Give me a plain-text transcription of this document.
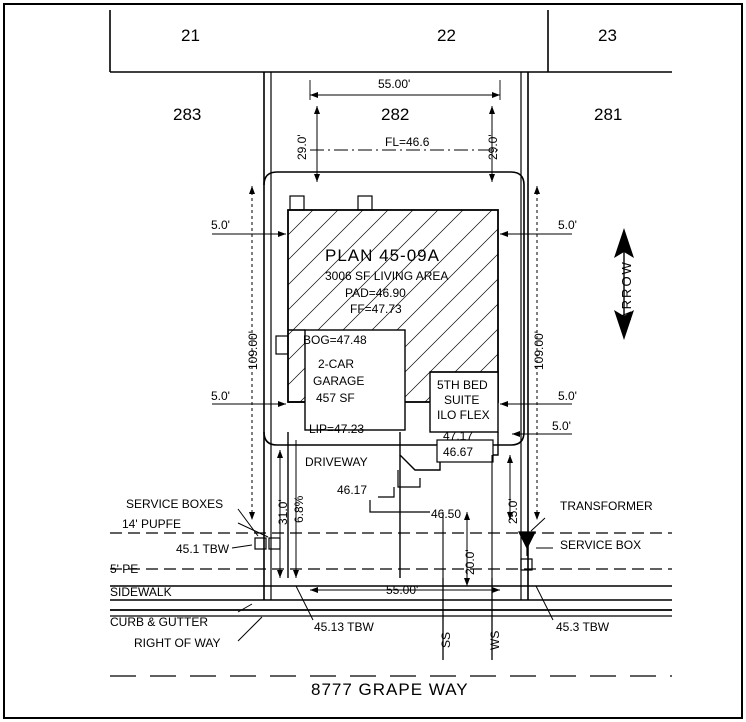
21	22	23
283	282	281
55.00'
FL=46.6
29.0'	29.0'
5.0'	5.0'
5.0'	5.0'
5.0'
109.00'	109.00'
PLAN 45-09A
3006 SF LIVING AREA
PAD=46.90
FF=47.73
BOG=47.48
2-CAR
GARAGE
457 SF
LIP=47.23
5TH BED
SUITE
ILO FLEX
47.17
46.67
46.17
46.50
DRIVEWAY
31.0' 6.8%
20.0'
25.0'
SERVICE BOXES
14' PUPFE
45.1 TBW
5' PE
SIDEWALK
CURB & GUTTER
RIGHT OF WAY
45.13 TBW
TRANSFORMER
SERVICE BOX
45.3 TBW
55.00'
SS	WS
ARROW
8777 GRAPE WAY
